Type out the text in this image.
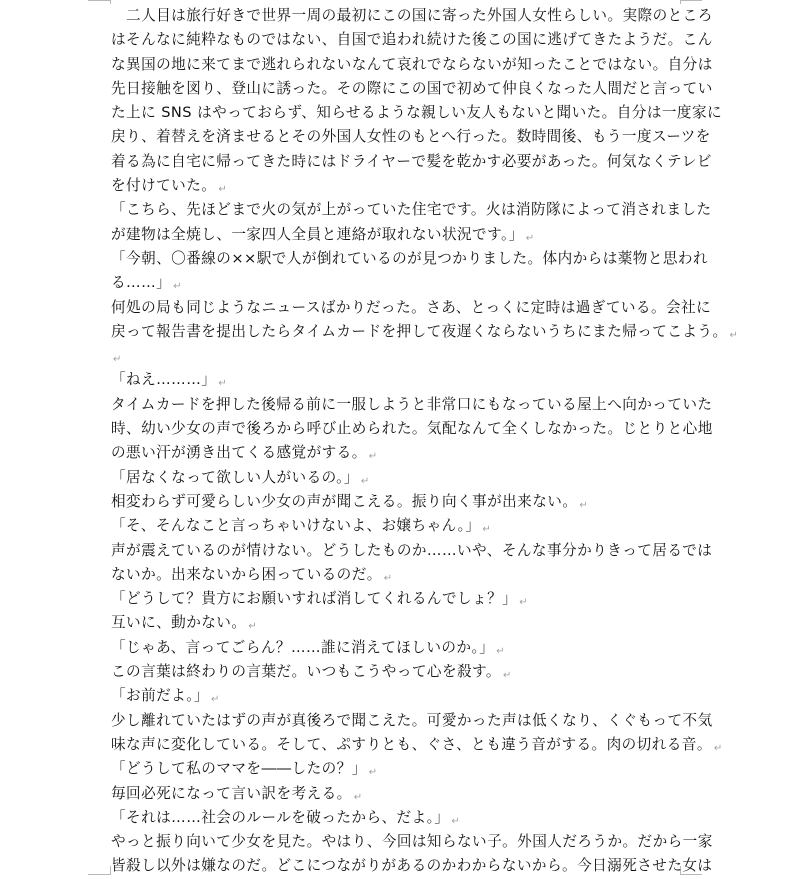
　二人目は旅行好きで世界一周の最初にこの国に寄った外国人女性らしい。実際のところ
はそんなに純粋なものではない、自国で追われ続けた後この国に逃げてきたようだ。こん
な異国の地に来てまで逃れられないなんて哀れでならないが知ったことではない。自分は
先日接触を図り、登山に誘った。その際にこの国で初めて仲良くなった人間だと言ってい
た上に SNS はやっておらず、知らせるような親しい友人もないと聞いた。自分は一度家に
戻り、着替えを済ませるとその外国人女性のもとへ行った。数時間後、もう一度スーツを
着る為に自宅に帰ってきた時にはドライヤーで髪を乾かす必要があった。何気なくテレビ
を付けていた。 ↵
「こちら、先ほどまで火の気が上がっていた住宅です。火は消防隊によって消されました
が建物は全焼し、一家四人全員と連絡が取れない状況です。」 ↵
「今朝、〇番線の××駅で人が倒れているのが見つかりました。体内からは薬物と思われ
る……」 ↵
何処の局も同じようなニュースばかりだった。さあ、とっくに定時は過ぎている。会社に
戻って報告書を提出したらタイムカードを押して夜遅くならないうちにまた帰ってこよう。 ↵
↵
「ねえ………」 ↵
タイムカードを押した後帰る前に一服しようと非常口にもなっている屋上へ向かっていた
時、幼い少女の声で後ろから呼び止められた。気配なんて全くしなかった。じとりと心地
の悪い汗が湧き出てくる感覚がする。 ↵
「居なくなって欲しい人がいるの。」 ↵
相変わらず可愛らしい少女の声が聞こえる。振り向く事が出来ない。 ↵
「そ、そんなこと言っちゃいけないよ、お嬢ちゃん。」 ↵
声が震えているのが情けない。どうしたものか……いや、そんな事分かりきって居るでは
ないか。出来ないから困っているのだ。 ↵
「どうして？貴方にお願いすれば消してくれるんでしょ？」 ↵
互いに、動かない。 ↵
「じゃあ、言ってごらん？……誰に消えてほしいのか。」 ↵
この言葉は終わりの言葉だ。いつもこうやって心を殺す。 ↵
「お前だよ。」 ↵
少し離れていたはずの声が真後ろで聞こえた。可愛かった声は低くなり、くぐもって不気
味な声に変化している。そして、ぷすりとも、ぐさ、とも違う音がする。肉の切れる音。 ↵
「どうして私のママを――したの？」 ↵
毎回必死になって言い訳を考える。 ↵
「それは……社会のルールを破ったから、だよ。」 ↵
やっと振り向いて少女を見た。やはり、今回は知らない子。外国人だろうか。だから一家
皆殺し以外は嫌なのだ。どこにつながりがあるのかわからないから。今日溺死させた女は
